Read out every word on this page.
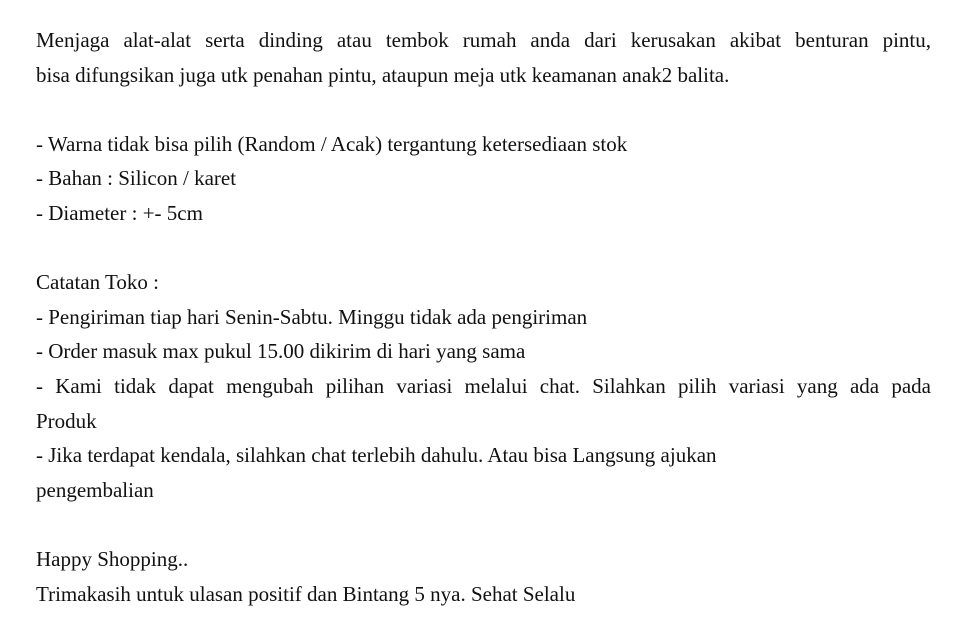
Menjaga alat-alat serta dinding atau tembok rumah anda dari kerusakan akibat benturan pintu,
bisa difungsikan juga utk penahan pintu, ataupun meja utk keamanan anak2 balita.
- Warna tidak bisa pilih (Random / Acak) tergantung ketersediaan stok
- Bahan : Silicon / karet
- Diameter : +- 5cm
Catatan Toko :
- Pengiriman tiap hari Senin-Sabtu. Minggu tidak ada pengiriman
- Order masuk max pukul 15.00 dikirim di hari yang sama
- Kami tidak dapat mengubah pilihan variasi melalui chat. Silahkan pilih variasi yang ada pada
Produk
- Jika terdapat kendala, silahkan chat terlebih dahulu. Atau bisa Langsung ajukan
pengembalian
Happy Shopping..
Trimakasih untuk ulasan positif dan Bintang 5 nya. Sehat Selalu
